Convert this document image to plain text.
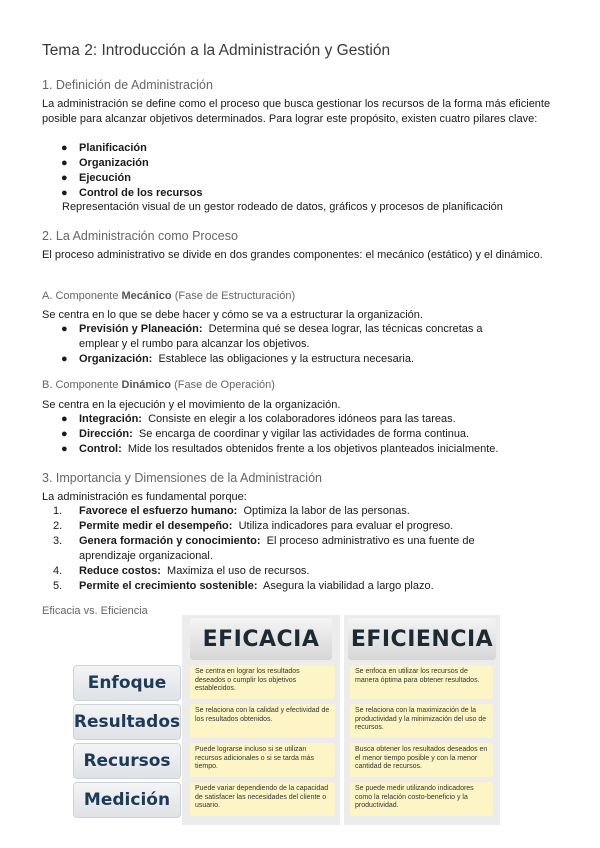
Tema 2: Introducción a la Administración y Gestión
1. Definición de Administración
La administración se define como el proceso que busca gestionar los recursos de la forma más eficiente posible para alcanzar objetivos determinados. Para lograr este propósito, existen cuatro pilares clave:
● Planificación
● Organización
● Ejecución
● Control de los recursos
Representación visual de un gestor rodeado de datos, gráficos y procesos de planificación
2. La Administración como Proceso
El proceso administrativo se divide en dos grandes componentes: el mecánico (estático) y el dinámico.
A. Componente Mecánico (Fase de Estructuración)
Se centra en lo que se debe hacer y cómo se va a estructurar la organización.
● Previsión y Planeación: Determina qué se desea lograr, las técnicas concretas a emplear y el rumbo para alcanzar los objetivos.
● Organización: Establece las obligaciones y la estructura necesaria.
B. Componente Dinámico (Fase de Operación)
Se centra en la ejecución y el movimiento de la organización.
● Integración: Consiste en elegir a los colaboradores idóneos para las tareas.
● Dirección: Se encarga de coordinar y vigilar las actividades de forma continua.
● Control: Mide los resultados obtenidos frente a los objetivos planteados inicialmente.
3. Importancia y Dimensiones de la Administración
La administración es fundamental porque:
1. Favorece el esfuerzo humano: Optimiza la labor de las personas.
2. Permite medir el desempeño: Utiliza indicadores para evaluar el progreso.
3. Genera formación y conocimiento: El proceso administrativo es una fuente de aprendizaje organizacional.
4. Reduce costos: Maximiza el uso de recursos.
5. Permite el crecimiento sostenible: Asegura la viabilidad a largo plazo.
Eficacia vs. Eficiencia
EFICACIA	EFICIENCIA
Enfoque
Se centra en lograr los resultados deseados o cumplir los objetivos establecidos.
Se enfoca en utilizar los recursos de manera óptima para obtener resultados.
Resultados
Se relaciona con la calidad y efectividad de los resultados obtenidos.
Se relaciona con la maximización de la productividad y la minimización del uso de recursos.
Recursos
Puede lograrse incluso si se utilizan recursos adicionales o si se tarda más tiempo.
Busca obtener los resultados deseados en el menor tiempo posible y con la menor cantidad de recursos.
Medición
Puede variar dependiendo de la capacidad de satisfacer las necesidades del cliente o usuario.
Se puede medir utilizando indicadores como la relación costo-beneficio y la productividad.
